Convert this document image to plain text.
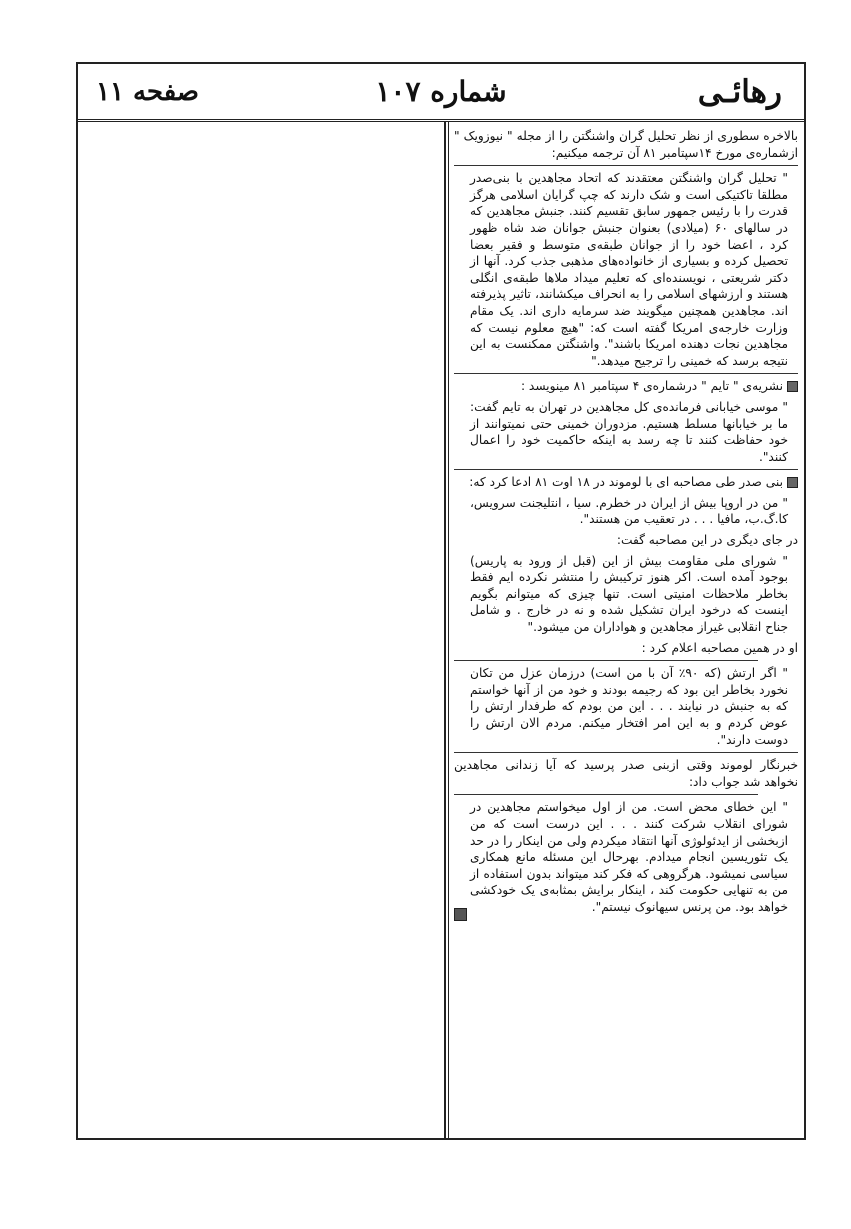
رهائـی
شماره ۱۰۷
صفحه ۱۱

بالاخره سطوری از نظر تحلیل گران واشنگتن را از مجله " نیوزویک " ازشماره‌ی مورخ ۱۴سپتامبر ۸۱ آن ترجمه میکنیم:

" تحلیل گران واشنگتن معتقدند که اتحاد مجاهدین با بنی‌صدر مطلقا تاکتیکی است و شک دارند که چپ گرایان اسلامی هرگز قدرت را با رئیس جمهور سابق تقسیم کنند. جنبش مجاهدین که در سالهای ۶۰ (میلادی) بعنوان جنبش جوانان ضد شاه ظهور کرد ، اعضا خود را از جوانان طبقه‌ی متوسط و فقیر بعضا تحصیل کرده و بسیاری از خانواده‌های مذهبی جذب کرد. آنها از دکتر شریعتی ، نویسنده‌ای که تعلیم میداد ملاها طبقه‌ی انگلی هستند و ارزشهای اسلامی را به انحراف میکشانند، تاثیر پذیرفته اند. مجاهدین همچنین میگویند ضد سرمایه داری اند. یک مقام وزارت خارجه‌ی امریکا گفته است که: "هیچ معلوم نیست که مجاهدین نجات دهنده امریکا باشند". واشنگتن ممکنست به این نتیجه برسد که خمینی را ترجیح میدهد."

نشریه‌ی " تایم " درشماره‌ی ۴ سپتامبر ۸۱ مینویسد :

" موسی خیابانی فرمانده‌ی کل مجاهدین در تهران به تایم گفت: ما بر خیابانها مسلط هستیم. مزدوران خمینی حتی نمیتوانند از خود حفاظت کنند تا چه رسد به اینکه حاکمیت خود را اعمال کنند".

بنی صدر طی مصاحبه ای با لوموند در ۱۸ اوت ۸۱ ادعا کرد که:

" من در اروپا بیش از ایران در خطرم. سیا ، انتلیجنت سرویس، کا.گ.ب، مافیا . . . در تعقیب من هستند".

در جای دیگری در این مصاحبه گفت:

" شورای ملی مقاومت بیش از این (قبل از ورود به پاریس) بوجود آمده است. اکر هنوز ترکیبش را منتشر نکرده ایم فقط بخاطر ملاحظات امنیتی است. تنها چیزی که میتوانم بگویم اینست که درخود ایران تشکیل شده و نه در خارج . و شامل جناح انقلابی غیراز مجاهدین و هواداران من میشود."

او در همین مصاحبه اعلام کرد :

" اگر ارتش (که ۹۰٪ آن با من است) درزمان عزل من تکان نخورد بخاطر این بود که رجیمه بودند و خود من از آنها خواستم که به جنبش در نیایند . . . این من بودم که طرفدار ارتش را عوض کردم و به این امر افتخار میکنم. مردم الان ارتش را دوست دارند".

خبرنگار لوموند وقتی ازبنی صدر پرسید که آیا زندانی مجاهدین نخواهد شد جواب داد:

" این خطای محض است. من از اول میخواستم مجاهدین در شورای انقلاب شرکت کنند . . . این درست است که من ازبخشی از ایدئولوژی آنها انتقاد میکردم ولی من اینکار را در حد یک تئوریسین انجام میدادم. بهرحال این مسئله مانع همکاری سیاسی نمیشود. هرگروهی که فکر کند میتواند بدون استفاده از من به تنهایی حکومت کند ، اینکار برایش بمثابه‌ی یک خودکشی خواهد بود. من پرنس سیهانوک نیستم".
